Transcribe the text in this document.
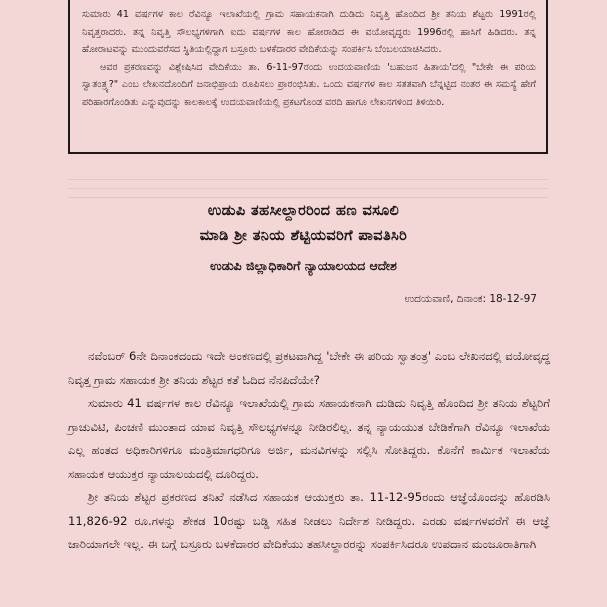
ಸುಮಾರು 41 ವರ್ಷಗಳ ಕಾಲ ರೆವಿನ್ಯೂ ಇಲಾಖೆಯಲ್ಲಿ ಗ್ರಾಮ ಸಹಾಯಕನಾಗಿ ದುಡಿದು ನಿವೃತ್ತಿ ಹೊಂದಿದ ಶ್ರೀ ತನಿಯ ಶೆಟ್ಟರು 1991ರಲ್ಲಿ ನಿವೃತ್ತರಾದರು. ತನ್ನ ನಿವೃತ್ತಿ ಸೌಲಭ್ಯಗಳಿಗಾಗಿ ಐದು ವರ್ಷಗಳ ಕಾಲ ಹೋರಾಡಿದ ಈ ವಯೋವೃದ್ಧರು 1996ರಲ್ಲಿ ಹಾಸಿಗೆ ಹಿಡಿದರು. ತನ್ನ ಹೋರಾಟವನ್ನು ಮುಂದುವರೆಸದ ಸ್ಥಿತಿಯಲ್ಲಿದ್ದಾಗ ಬಸ್ರೂರು ಬಳಕೆದಾರರ ವೇದಿಕೆಯನ್ನು ಸಂಪರ್ಕಿಸಿ ಬೆಂಬಲಯಾಚಿಸಿದರು.

ಆವರ ಪ್ರಕರಣವನ್ನು ವಿಶ್ಲೇಷಿಸಿದ ವೇದಿಕೆಯು ತಾ. 6-11-97ರಂದು ಉದಯವಾಣಿಯ 'ಬಹುಜನ ಹಿತಾಯ'ದಲ್ಲಿ "ಬೇಕೇ ಈ ಪರಿಯ ಸ್ವಾತಂತ್ರ್ಯ?" ಎಂಬ ಲೇಖನದೊಂದಿಗೆ ಜನಾಭಿಪ್ರಾಯ ರೂಪಿಸಲು ಪ್ರಾರಂಭಿಸಿತು. ಒಂದು ವರ್ಷಗಳ ಕಾಲ ಸತತವಾಗಿ ಬೆನ್ನಟ್ಟಿದ ನಂತರ ಈ ಸಮಸ್ಯೆ ಹೇಗೆ ಪರಿಹಾರಗೊಂಡಿತು ಎನ್ನುವುದನ್ನು ಕಾಲಕಾಲಕ್ಕೆ ಉದಯವಾಣಿಯಲ್ಲಿ ಪ್ರಕಟಗೊಂಡ ವರದಿ ಹಾಗೂ ಲೇಖನಗಳಿಂದ ತಿಳಿಯಿರಿ.

ಉಡುಪಿ ತಹಸೀಲ್ದಾರರಿಂದ ಹಣ ವಸೂಲಿ
ಮಾಡಿ ಶ್ರೀ ತನಿಯ ಶೆಟ್ಟಿಯವರಿಗೆ ಪಾವತಿಸಿರಿ
ಉಡುಪಿ ಜಿಲ್ಲಾಧಿಕಾರಿಗೆ ನ್ಯಾಯಾಲಯದ ಆದೇಶ
ಉದಯವಾಣಿ, ದಿನಾಂಕ: 18-12-97

ನವೆಂಬರ್ 6ನೇ ದಿನಾಂಕದಂದು ಇದೇ ಅಂಕಣದಲ್ಲಿ ಪ್ರಕಟವಾಗಿದ್ದ 'ಬೇಕೇ ಈ ಪರಿಯ ಸ್ವಾತಂತ್ರ' ಎಂಬ ಲೇಖನದಲ್ಲಿ ವಯೋವೃದ್ಧ ನಿವೃತ್ತ ಗ್ರಾಮ ಸಹಾಯಕ ಶ್ರೀ ತನಿಯ ಶೆಟ್ಟರ ಕತೆ ಓದಿದ ನೆನಪಿದೆಯೇ?

ಸುಮಾರು 41 ವರ್ಷಗಳ ಕಾಲ ರೆವಿನ್ಯೂ ಇಲಾಖೆಯಲ್ಲಿ ಗ್ರಾಮ ಸಹಾಯಕನಾಗಿ ದುಡಿದು ನಿವೃತ್ತಿ ಹೊಂದಿದ ಶ್ರೀ ತನಿಯ ಶೆಟ್ಟರಿಗೆ ಗ್ರಾಚುವಿಟಿ, ಪಿಂಚಣಿ ಮುಂತಾದ ಯಾವ ನಿವೃತ್ತಿ ಸೌಲಭ್ಯಗಳನ್ನೂ ನೀಡಿರಲಿಲ್ಲ. ತನ್ನ ನ್ಯಾಯಯುತ ಬೇಡಿಕೆಗಾಗಿ ರೆವಿನ್ಯೂ ಇಲಾಖೆಯ ಎಲ್ಲ ಹಂತದ ಅಧಿಕಾರಿಗಳಿಗೂ ಮಂತ್ರಿಮಾಗಧರಿಗೂ ಅರ್ಜಿ, ಮನವಿಗಳನ್ನು ಸಲ್ಲಿಸಿ ಸೋತಿದ್ದರು. ಕೊನೆಗೆ ಕಾರ್ಮಿಕ ಇಲಾಖೆಯ ಸಹಾಯಕ ಆಯುಕ್ತರ ನ್ಯಾಯಾಲಯದಲ್ಲಿ ದೂರಿದ್ದರು.

ಶ್ರೀ ತನಿಯ ಶೆಟ್ಟರ ಪ್ರಕರಣದ ತನಿಖೆ ನಡೆಸಿದ ಸಹಾಯಕ ಆಯುಕ್ತರು ತಾ. 11-12-95ರಂದು ಆಜ್ಞೆಯೊಂದನ್ನು ಹೊರಡಿಸಿ 11,826-92 ರೂ.ಗಳನ್ನು ಶೇಕಡ 10ರಷ್ಟು ಬಡ್ಡಿ ಸಹಿತ ನೀಡಲು ನಿರ್ದೇಶ ನೀಡಿದ್ದರು. ಎರಡು ವರ್ಷಗಳವರೆಗೆ ಈ ಆಜ್ಞೆ ಜಾರಿಯಾಗಲೇ ಇಲ್ಲ. ಈ ಬಗ್ಗೆ ಬಸ್ರೂರು ಬಳಕೆದಾರರ ವೇದಿಕೆಯು ತಹಸೀಲ್ದಾರರನ್ನು ಸಂಪರ್ಕಿಸಿದರೂ ಉಪದಾನ ಮಂಜೂರಾತಿಗಾಗಿ
